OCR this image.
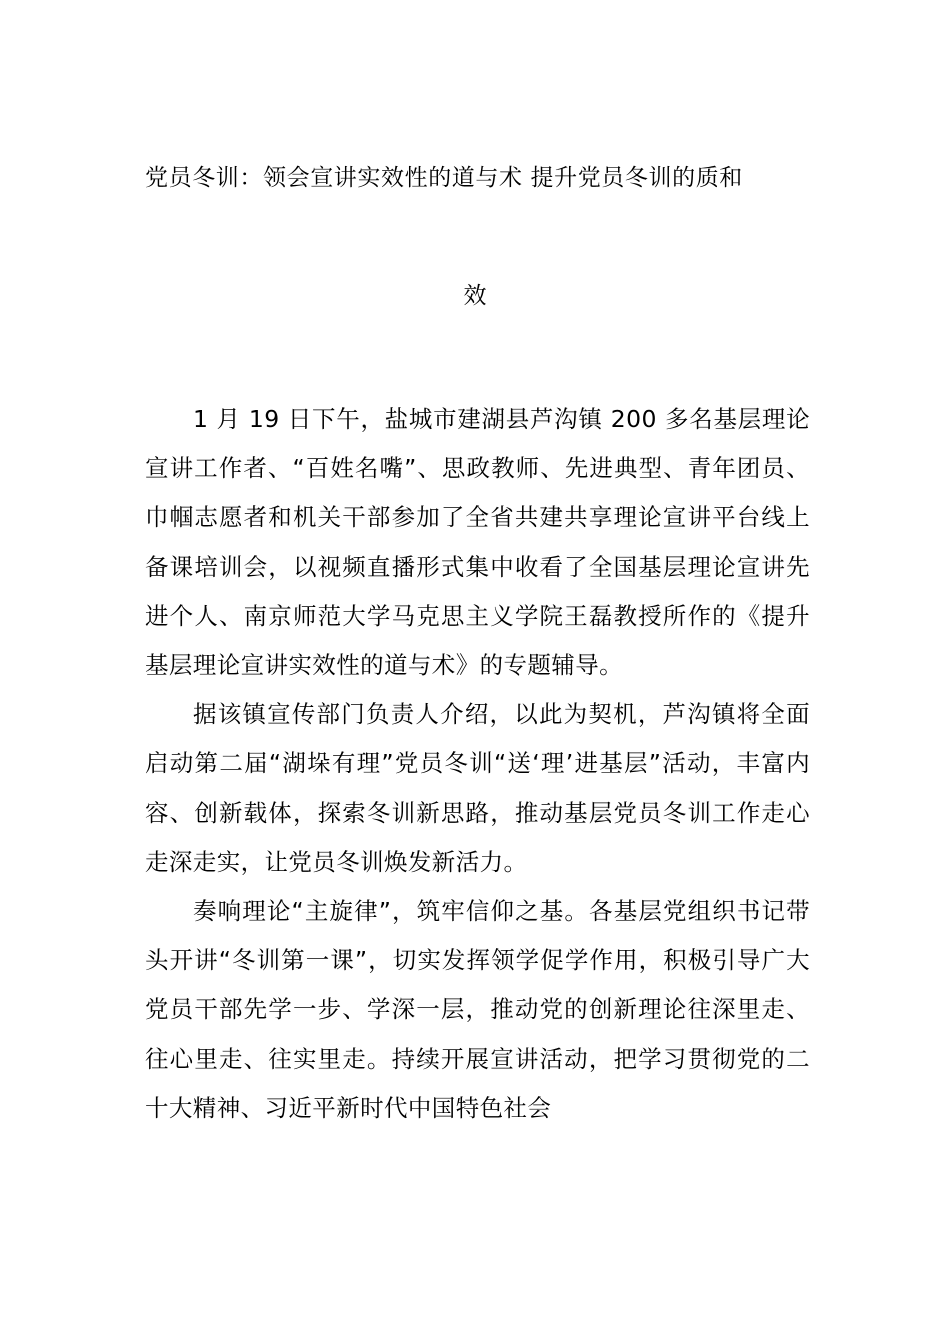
党员冬训：领会宣讲实效性的道与术 提升党员冬训的质和
效

1 月 19 日下午，盐城市建湖县芦沟镇 200 多名基层理论宣讲工作者、“百姓名嘴”、思政教师、先进典型、青年团员、巾帼志愿者和机关干部参加了全省共建共享理论宣讲平台线上备课培训会，以视频直播形式集中收看了全国基层理论宣讲先进个人、南京师范大学马克思主义学院王磊教授所作的《提升基层理论宣讲实效性的道与术》的专题辅导。

据该镇宣传部门负责人介绍，以此为契机，芦沟镇将全面启动第二届“湖垛有理”党员冬训“送‘理’进基层”活动，丰富内容、创新载体，探索冬训新思路，推动基层党员冬训工作走心走深走实，让党员冬训焕发新活力。

奏响理论“主旋律”，筑牢信仰之基。各基层党组织书记带头开讲“冬训第一课”，切实发挥领学促学作用，积极引导广大党员干部先学一步、学深一层，推动党的创新理论往深里走、往心里走、往实里走。持续开展宣讲活动，把学习贯彻党的二十大精神、习近平新时代中国特色社会
